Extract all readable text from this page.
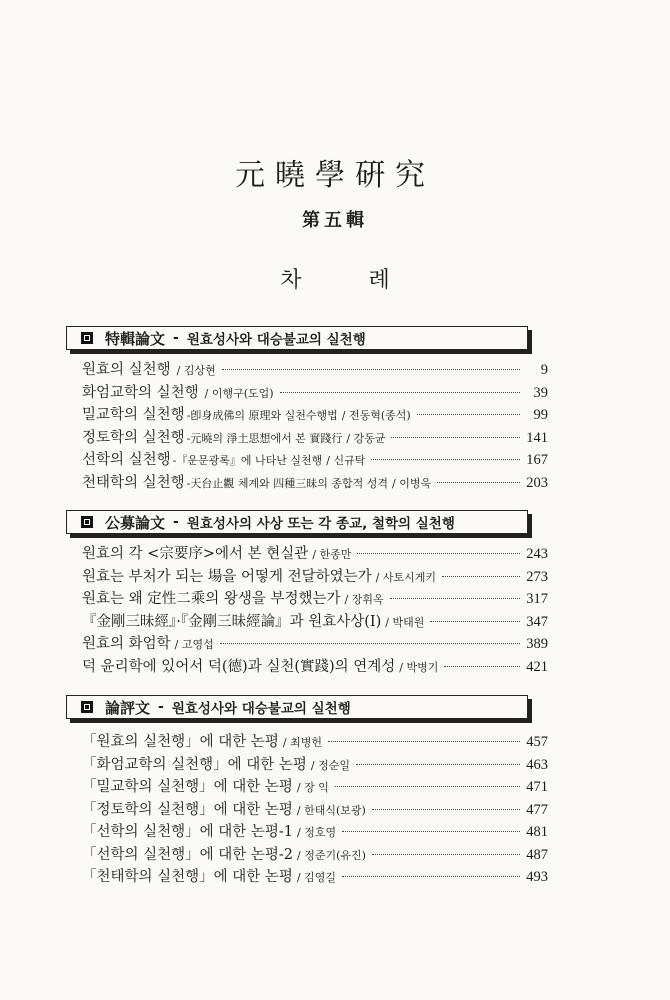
元曉學硏究
第五輯
차 례
特輯論文 - 원효성사와 대승불교의 실천행
원효의 실천행 / 김상현	9
화엄교학의 실천행 / 이행구(도업)	39
밀교학의 실천행 -卽身成佛의 原理와 실천수행법 / 전동혁(종석)	99
정토학의 실천행 -元曉의 淨土思想에서 본 實踐行 / 강동균	141
선학의 실천행 -『운문광록』에 나타난 실천행 / 신규탁	167
천태학의 실천행 -天台止觀 체계와 四種三昧의 종합적 성격 / 이병욱	203
公募論文 - 원효성사의 사상 또는 각 종교, 철학의 실천행
원효의 각 <宗要序>에서 본 현실관 / 한종만	243
원효는 부처가 되는 場을 어떻게 전달하였는가 / 사토시게키	273
원효는 왜 定性二乘의 왕생을 부정했는가 / 장휘옥	317
『金剛三昧經』·『金剛三昧經論』과 원효사상(Ⅰ) / 박태원	347
원효의 화엄학 / 고영섭	389
덕 윤리학에 있어서 덕(德)과 실천(實踐)의 연계성 / 박병기	421
論評文 - 원효성사와 대승불교의 실천행
「원효의 실천행」에 대한 논평 / 최병헌	457
「화엄교학의 실천행」에 대한 논평 / 정순일	463
「밀교학의 실천행」에 대한 논평 / 장 익	471
「정토학의 실천행」에 대한 논평 / 한태식(보광)	477
「선학의 실천행」에 대한 논평-1 / 정호영	481
「선학의 실천행」에 대한 논평-2 / 정준기(유진)	487
「천태학의 실천행」에 대한 논평 / 김영길	493
